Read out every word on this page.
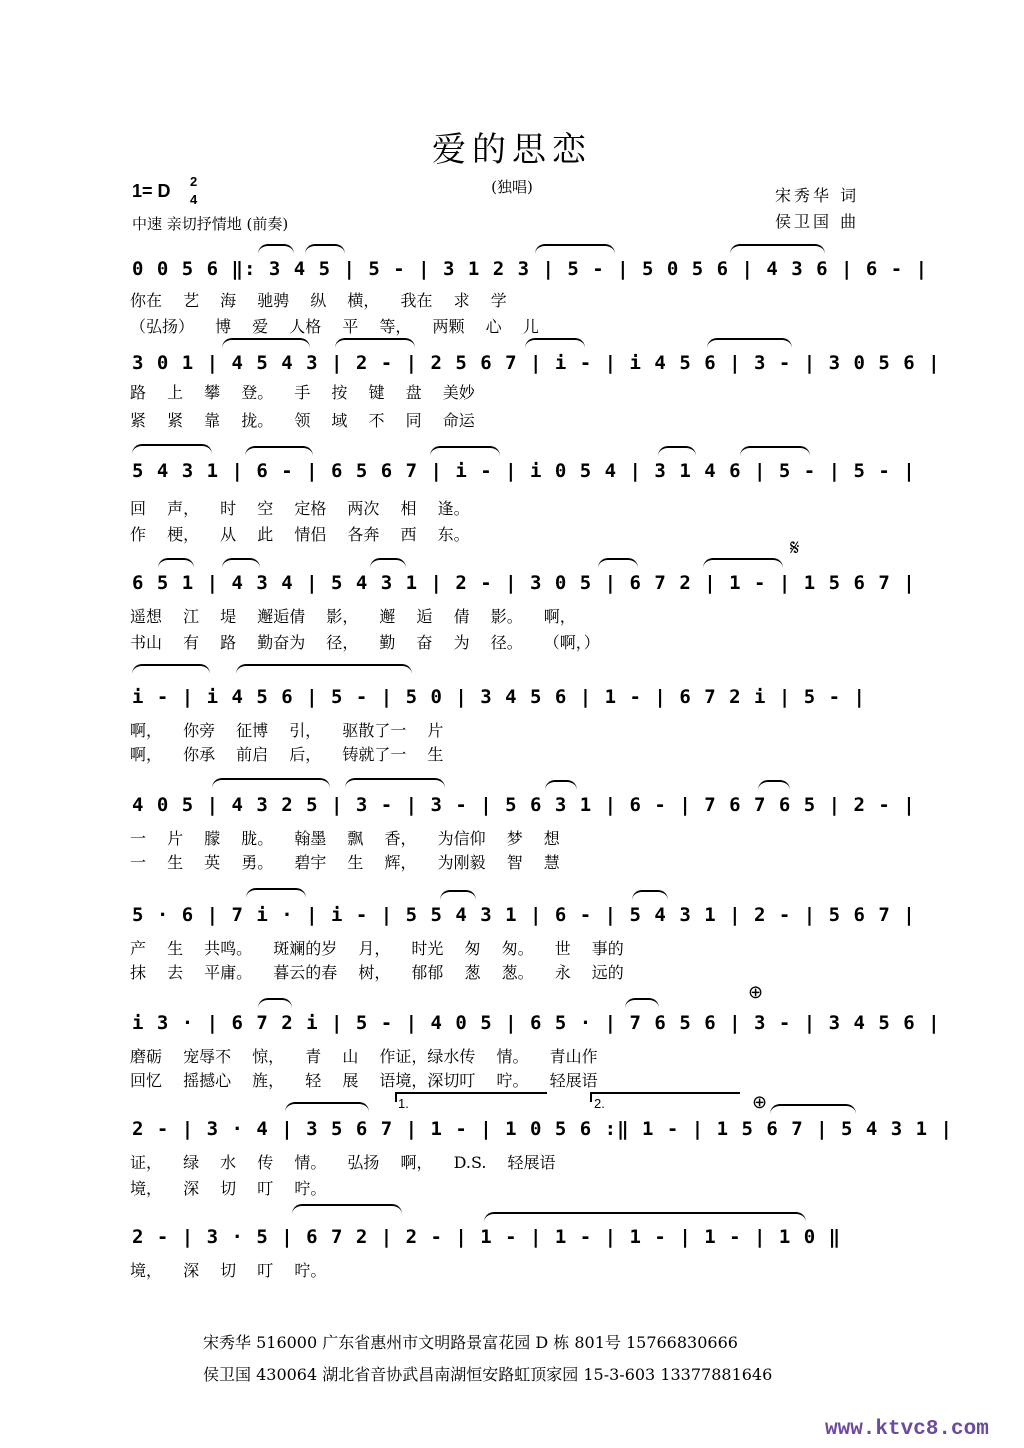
爱的思恋
(独唱)
1= D 2
4
中速 亲切抒情地 (前奏)
宋秀华 词
侯卫国 曲
0 0 5 6 ‖: 3 4 5 | 5 - | 3 1 2 3 | 5 - | 5 0 5 6 | 4 3 6 | 6 - |
你在 艺 海 驰骋 纵 横， 我在 求 学
（弘扬） 博 爱 人格 平 等， 两颗 心 儿
3 0 1 | 4 5 4 3 | 2 - | 2 5 6 7 | i - | i 4 5 6 | 3 - | 3 0 5 6 |
路 上 攀 登。 手 按 键 盘 美妙
紧 紧 靠 拢。 领 域 不 同 命运
5 4 3 1 | 6 - | 6 5 6 7 | i - | i 0 5 4 | 3 1 4 6 | 5 - | 5 - |
回 声， 时 空 定格 两次 相 逢。
作 梗， 从 此 情侣 各奔 西 东。
6 5 1 | 4 3 4 | 5 4 3 1 | 2 - | 3 0 5 | 6 7 2 | 1 - | 1 5 6 7 |
遥想 江 堤 邂逅倩 影， 邂 逅 倩 影。 啊，
书山 有 路 勤奋为 径， 勤 奋 为 径。 （啊，）
𝄋
i - | i 4 5 6 | 5 - | 5 0 | 3 4 5 6 | 1 - | 6 7 2 i | 5 - |
啊， 你旁 征博 引， 驱散了一 片
啊， 你承 前启 后， 铸就了一 生
4 0 5 | 4 3 2 5 | 3 - | 3 - | 5 6 3 1 | 6 - | 7 6 7 6 5 | 2 - |
一 片 朦 胧。 翰墨 飘 香， 为信仰 梦 想
一 生 英 勇。 碧宇 生 辉， 为刚毅 智 慧
5 · 6 | 7 i · | i - | 5 5 4 3 1 | 6 - | 5 4 3 1 | 2 - | 5 6 7 |
产 生 共鸣。 斑斓的岁 月， 时光 匆 匆。 世 事的
抹 去 平庸。 暮云的春 树， 郁郁 葱 葱。 永 远的
i 3 · | 6 7 2 i | 5 - | 4 0 5 | 6 5 · | 7 6 5 6 | 3 - | 3 4 5 6 |
磨砺 宠辱不 惊， 青 山 作证，绿水传 情。 青山作
回忆 摇撼心 旌， 轻 展 语境，深切叮 咛。 轻展语
⊕
2 - | 3 · 4 | 3 5 6 7 | 1 - | 1 0 5 6 :‖ 1 - | 1 5 6 7 | 5 4 3 1 |
证， 绿 水 传 情。 弘扬 啊， D.S. 轻展语
境， 深 切 叮 咛。
1.	2.	⊕
2 - | 3 · 5 | 6 7 2 | 2 - | 1 - | 1 - | 1 - | 1 - | 1 0 ‖
境， 深 切 叮 咛。
宋秀华 516000 广东省惠州市文明路景富花园 D 栋 801号 15766830666
侯卫国 430064 湖北省音协武昌南湖恒安路虹顶家园 15-3-603 13377881646
www.ktvc8.com
